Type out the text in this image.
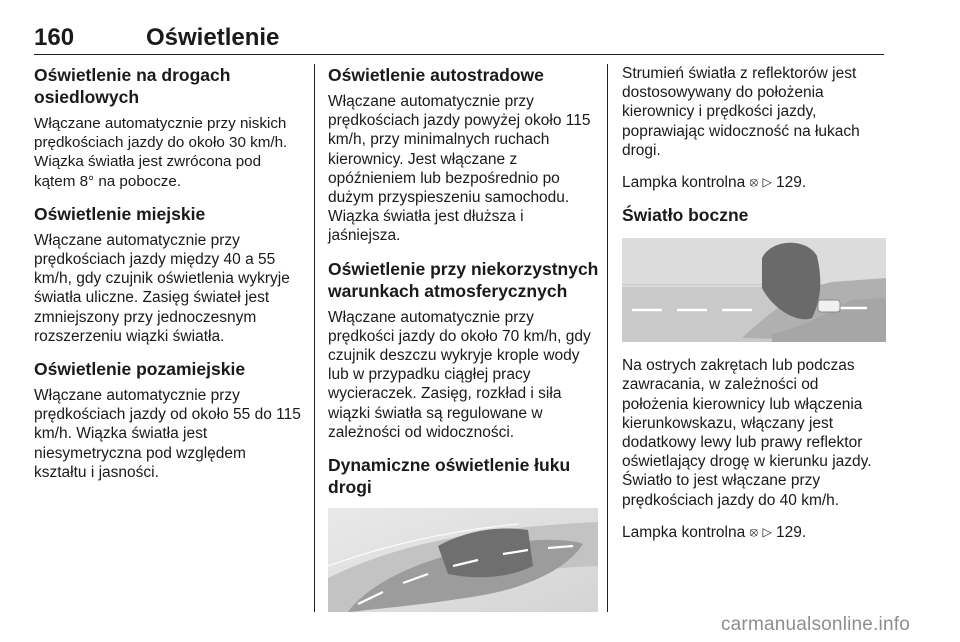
160	Oświetlenie
Oświetlenie na drogach osiedlowych

Włączane automatycznie przy niskich prędkościach jazdy do około 30 km/h. Wiązka światła jest zwrócona pod kątem 8° na pobocze.

Oświetlenie miejskie

Włączane automatycznie przy prędkościach jazdy między 40 a 55 km/h, gdy czujnik oświetlenia wykryje światła uliczne. Zasięg świateł jest zmniejszony przy jednoczesnym rozszerzeniu wiązki światła.

Oświetlenie pozamiejskie

Włączane automatycznie przy prędkościach jazdy od około 55 do 115 km/h. Wiązka światła jest niesymetryczna pod względem kształtu i jasności.

Oświetlenie autostradowe

Włączane automatycznie przy prędkościach jazdy powyżej około 115 km/h, przy minimalnych ruchach kierownicy. Jest włączane z opóźnieniem lub bezpośrednio po dużym przyspieszeniu samochodu. Wiązka światła jest dłuższa i jaśniejsza.

Oświetlenie przy niekorzystnych warunkach atmosferycznych

Włączane automatycznie przy prędkości jazdy do około 70 km/h, gdy czujnik deszczu wykryje krople wody lub w przypadku ciągłej pracy wycieraczek. Zasięg, rozkład i siła wiązki światła są regulowane w zależności od widoczności.

Dynamiczne oświetlenie łuku drogi

Strumień światła z reflektorów jest dostosowywany do położenia kierownicy i prędkości jazdy, poprawiając widoczność na łukach drogi.

Lampka kontrolna ⦻ ▷ 129.

Światło boczne

Na ostrych zakrętach lub podczas zawracania, w zależności od położenia kierownicy lub włączenia kierunkowskazu, włączany jest dodatkowy lewy lub prawy reflektor oświetlający drogę w kierunku jazdy. Światło to jest włączane przy prędkościach jazdy do 40 km/h.

Lampka kontrolna ⦻ ▷ 129.

carmanualsonline.info
